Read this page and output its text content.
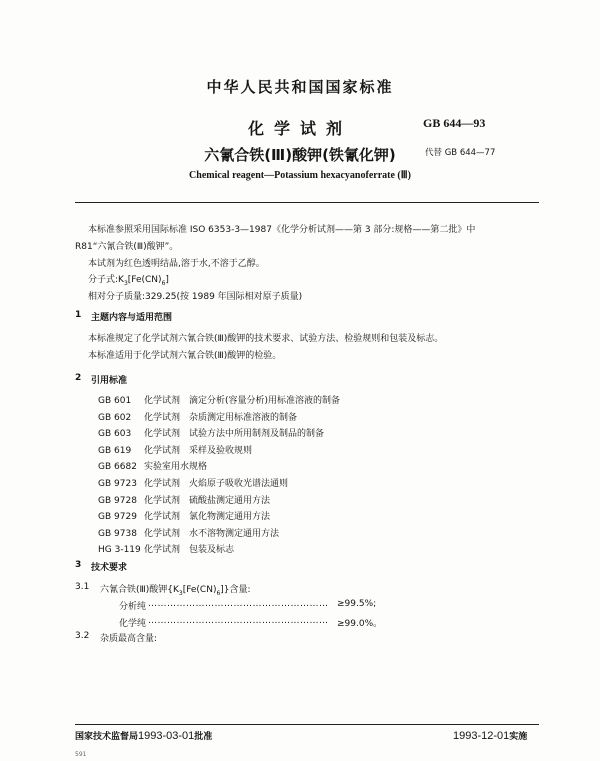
中华人民共和国国家标准
GB 644—93
代替 GB 644—77
化学试剂
六氰合铁(Ⅲ)酸钾(铁氰化钾)
Chemical reagent—Potassium hexacyanoferrate (Ⅲ)
本标准参照采用国际标准 ISO 6353-3—1987《化学分析试剂——第 3 部分:规格——第二批》中
R81“六氰合铁(Ⅲ)酸钾”。
本试剂为红色透明结晶,溶于水,不溶于乙醇。
分子式$:K_3[Fe(CN)_6]$
相对分子质量:329.25(按 1989 年国际相对原子质量)
1 主题内容与适用范围
本标准规定了化学试剂六氰合铁(Ⅲ)酸钾的技术要求、试验方法、检验规则和包装及标志。
本标准适用于化学试剂六氰合铁(Ⅲ)酸钾的检验。
2 引用标准
GB 601 化学试剂　滴定分析(容量分析)用标准溶液的制备
GB 602 化学试剂　杂质测定用标准溶液的制备
GB 603 化学试剂　试验方法中所用制剂及制品的制备
GB 619 化学试剂　采样及验收规则
GB 6682 实验室用水规格
GB 9723 化学试剂　火焰原子吸收光谱法通则
GB 9728 化学试剂　硫酸盐测定通用方法
GB 9729 化学试剂　氯化物测定通用方法
GB 9738 化学试剂　水不溶物测定通用方法
HG 3-119 化学试剂　包装及标志
3 技术要求
3.1 六氰合铁(Ⅲ)酸钾$\{K_3[Fe(CN)_6]\}$含量:
分析纯 ………………………………………………… ≥99.5%;
化学纯 ………………………………………………… ≥99.0%。
3.2 杂质最高含量:
国家技术监督局1993-03-01批准	1993-12-01实施
591
